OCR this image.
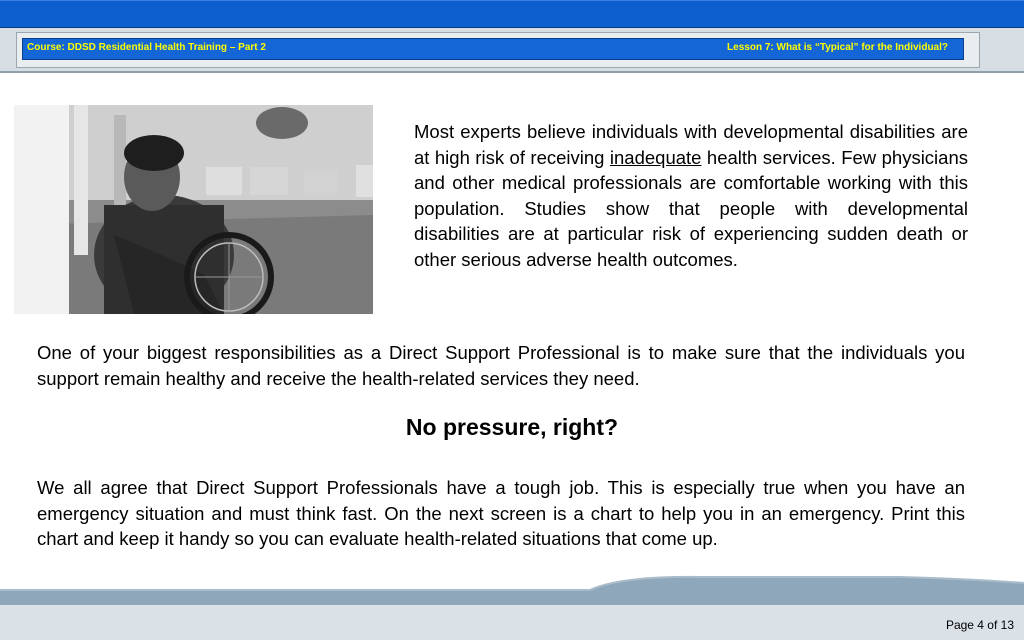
Course: DDSD Residential Health Training – Part 2	Lesson 7: What is “Typical” for the Individual?

Most experts believe individuals with developmental disabilities are at high risk of receiving inadequate health services. Few physicians and other medical professionals are comfortable working with this population. Studies show that people with developmental disabilities are at particular risk of experiencing sudden death or other serious adverse health outcomes.

One of your biggest responsibilities as a Direct Support Professional is to make sure that the individuals you support remain healthy and receive the health-related services they need.

No pressure, right?

We all agree that Direct Support Professionals have a tough job. This is especially true when you have an emergency situation and must think fast. On the next screen is a chart to help you in an emergency. Print this chart and keep it handy so you can evaluate health-related situations that come up.

Page 4 of 13
